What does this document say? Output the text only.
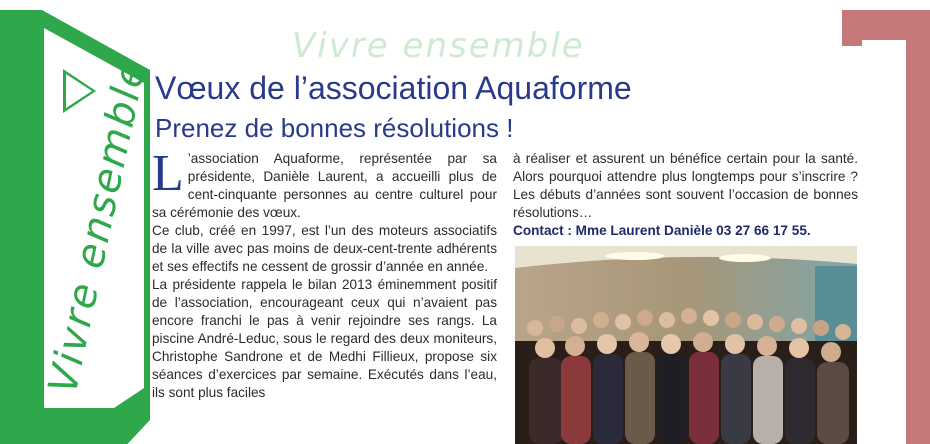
Vivre ensemble
Vivre ensemble
Vœux de l’association Aquaforme
Prenez de bonnes résolutions !

L ’association Aquaforme, représentée par sa présidente, Danièle Laurent, a accueilli plus de cent-cinquante personnes au centre culturel pour sa cérémonie des vœux.

Ce club, créé en 1997, est l’un des moteurs associatifs de la ville avec pas moins de deux-cent-trente adhérents et ses effectifs ne cessent de grossir d’année en année.

La présidente rappela le bilan 2013 éminemment positif de l’association, encourageant ceux qui n’avaient pas encore franchi le pas à venir rejoindre ses rangs. La piscine André-Leduc, sous le regard des deux moniteurs, Christophe Sandrone et de Medhi Fillieux, propose six séances d’exercices par semaine. Exécutés dans l’eau, ils sont plus faciles

à réaliser et assurent un bénéfice certain pour la santé. Alors pourquoi attendre plus longtemps pour s’inscrire ? Les débuts d’années sont souvent l’occasion de bonnes résolutions…

Contact : Mme Laurent Danièle 03 27 66 17 55.
